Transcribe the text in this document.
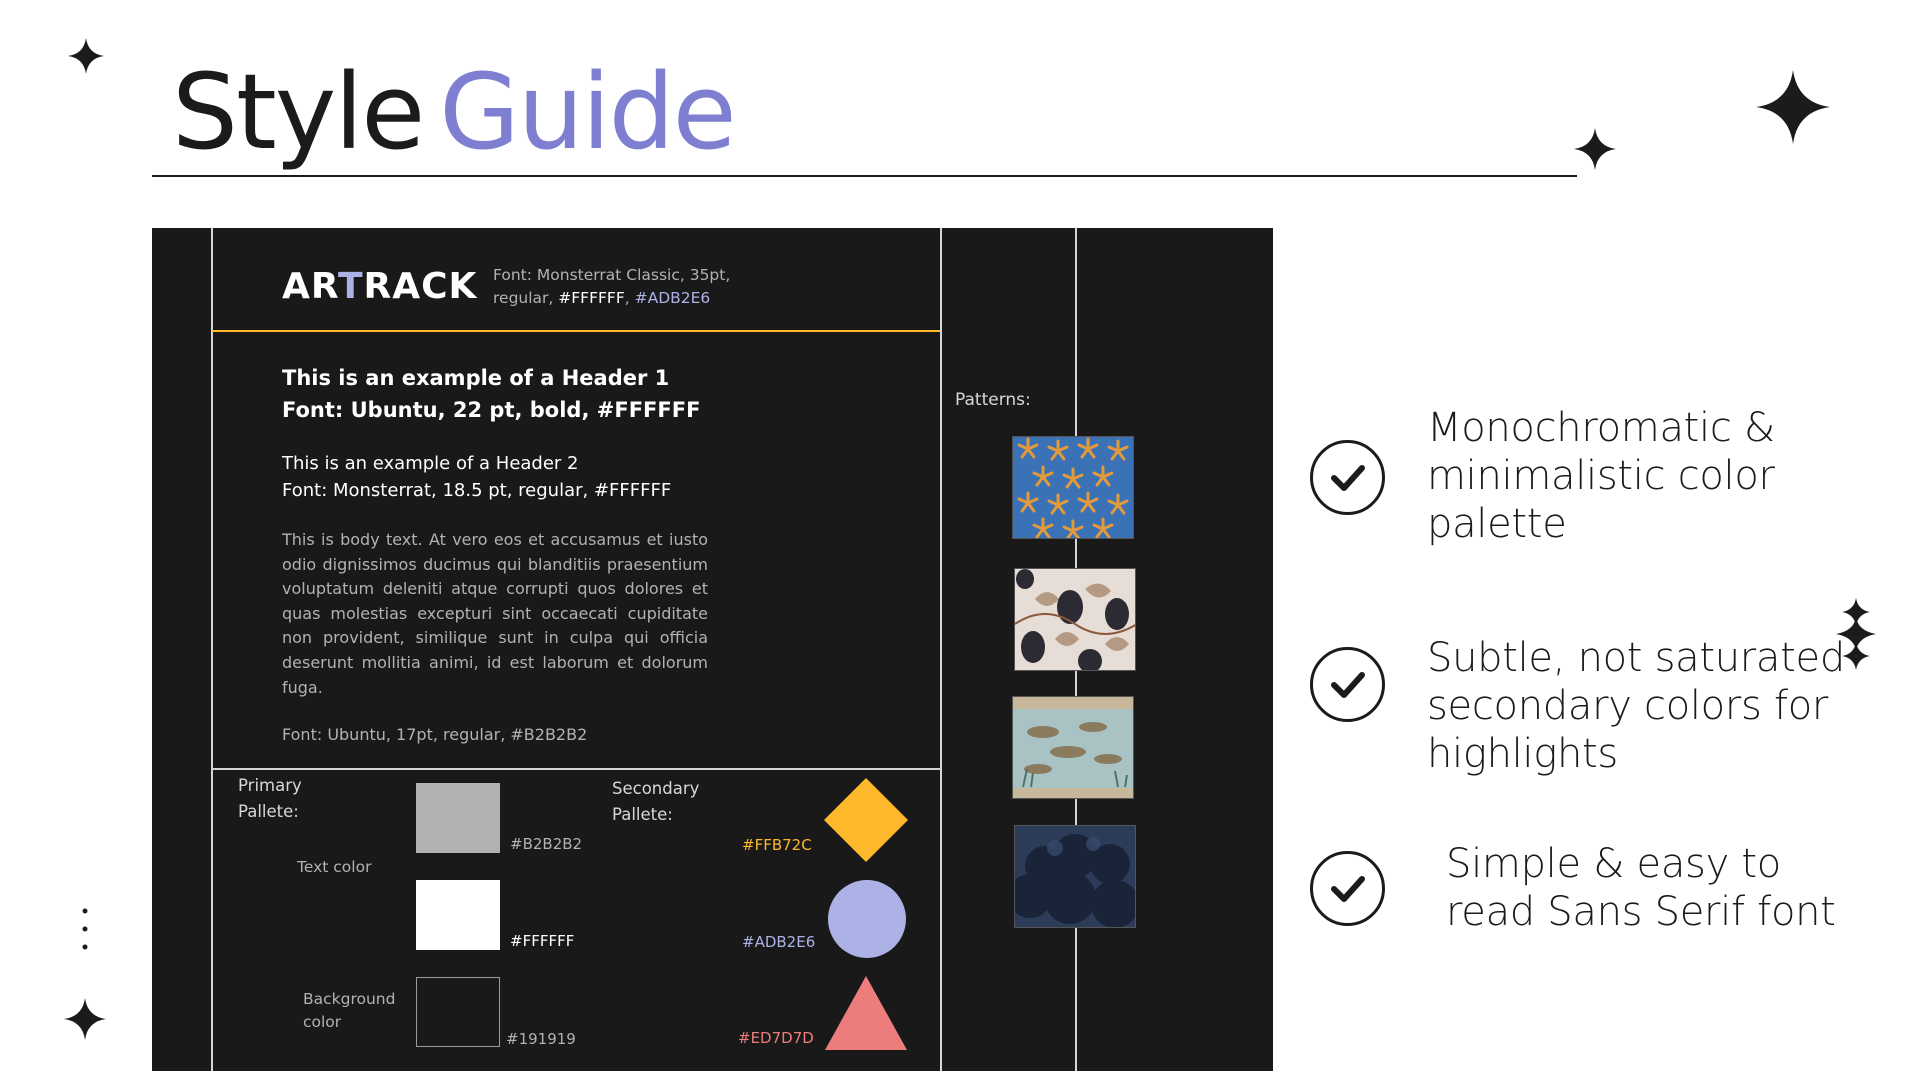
Style Guide
ARTRACK Font: Monsterrat Classic, 35pt,
regular, #FFFFFF, #ADB2E6
This is an example of a Header 1
Font: Ubuntu, 22 pt, bold, #FFFFFF
This is an example of a Header 2
Font: Monsterrat, 18.5 pt, regular, #FFFFFF
This is body text. At vero eos et accusamus et iusto odio dignissimos ducimus qui blanditiis praesentium voluptatum deleniti atque corrupti quos dolores et quas molestias excepturi sint occaecati cupiditate non provident, similique sunt in culpa qui officia deserunt mollitia animi, id est laborum et dolorum fuga.
Font: Ubuntu, 17pt, regular, #B2B2B2
Primary
Pallete:
Text color
Background
color
#B2B2B2
#FFFFFF
#191919
Secondary
Pallete:
#FFB72C
#ADB2E6
#ED7D7D
Patterns:
Monochromatic &
minimalistic color
palette
Subtle, not saturated
secondary colors for
highlights
Simple & easy to
read Sans Serif font
